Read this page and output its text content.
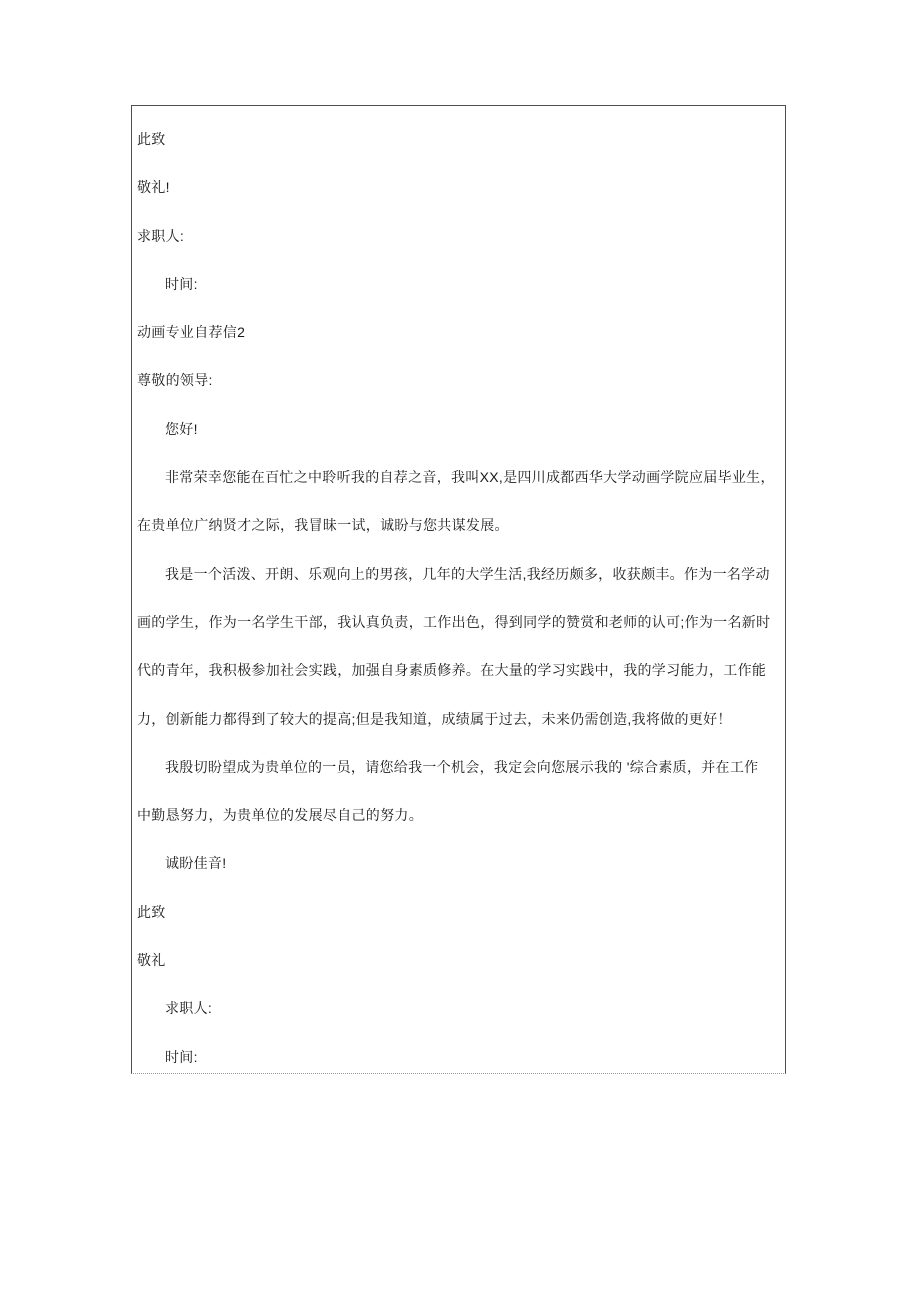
此致
敬礼!
求职人:
时间:
动画专业自荐信2
尊敬的领导:
您好!
非常荣幸您能在百忙之中聆听我的自荐之音，我叫XX,是四川成都西华大学动画学院应届毕业生，
在贵单位广纳贤才之际，我冒昧一试，诚盼与您共谋发展。
我是一个活泼、开朗、乐观向上的男孩，几年的大学生活,我经历颇多，收获颇丰。作为一名学动
画的学生，作为一名学生干部，我认真负责，工作出色，得到同学的赞赏和老师的认可;作为一名新时
代的青年，我积极参加社会实践，加强自身素质修养。在大量的学习实践中，我的学习能力，工作能
力，创新能力都得到了较大的提高;但是我知道，成绩属于过去，未来仍需创造,我将做的更好！
我殷切盼望成为贵单位的一员，请您给我一个机会，我定会向您展示我的 '综合素质，并在工作
中勤恳努力，为贵单位的发展尽自己的努力。
诚盼佳音!
此致
敬礼
求职人:
时间:
